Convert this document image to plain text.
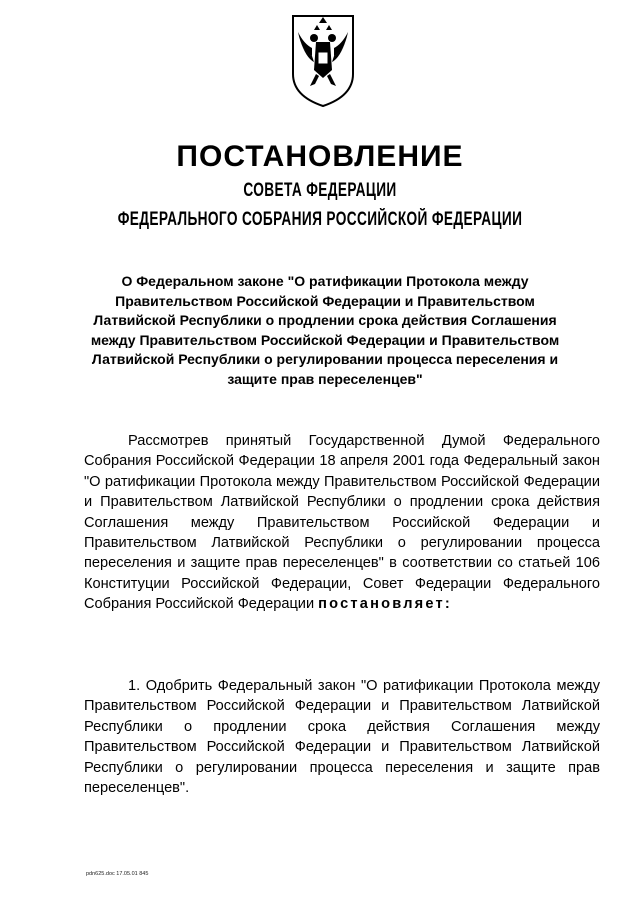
ПОСТАНОВЛЕНИЕ
СОВЕТА ФЕДЕРАЦИИ
ФЕДЕРАЛЬНОГО СОБРАНИЯ РОССИЙСКОЙ ФЕДЕРАЦИИ
О Федеральном законе "О ратификации Протокола между Правительством Российской Федерации и Правительством Латвийской Республики о продлении срока действия Соглашения между Правительством Российской Федерации и Правительством Латвийской Республики о регулировании процесса переселения и защите прав переселенцев"
Рассмотрев принятый Государственной Думой Федерального Собрания Российской Федерации 18 апреля 2001 года Федеральный закон "О ратификации Протокола между Правительством Российской Федерации и Правительством Латвийской Республики о продлении срока действия Соглашения между Правительством Российской Федерации и Правительством Латвийской Республики о регулировании процесса переселения и защите прав переселенцев" в соответствии со статьей 106 Конституции Российской Федерации, Совет Федерации Федерального Собрания Российской Федерации постановляет:
1. Одобрить Федеральный закон "О ратификации Протокола между Правительством Российской Федерации и Правительством Латвийской Республики о продлении срока действия Соглашения между Правительством Российской Федерации и Правительством Латвийской Республики о регулировании процесса переселения и защите прав переселенцев".
pdn625.doc 17.05.01 845
